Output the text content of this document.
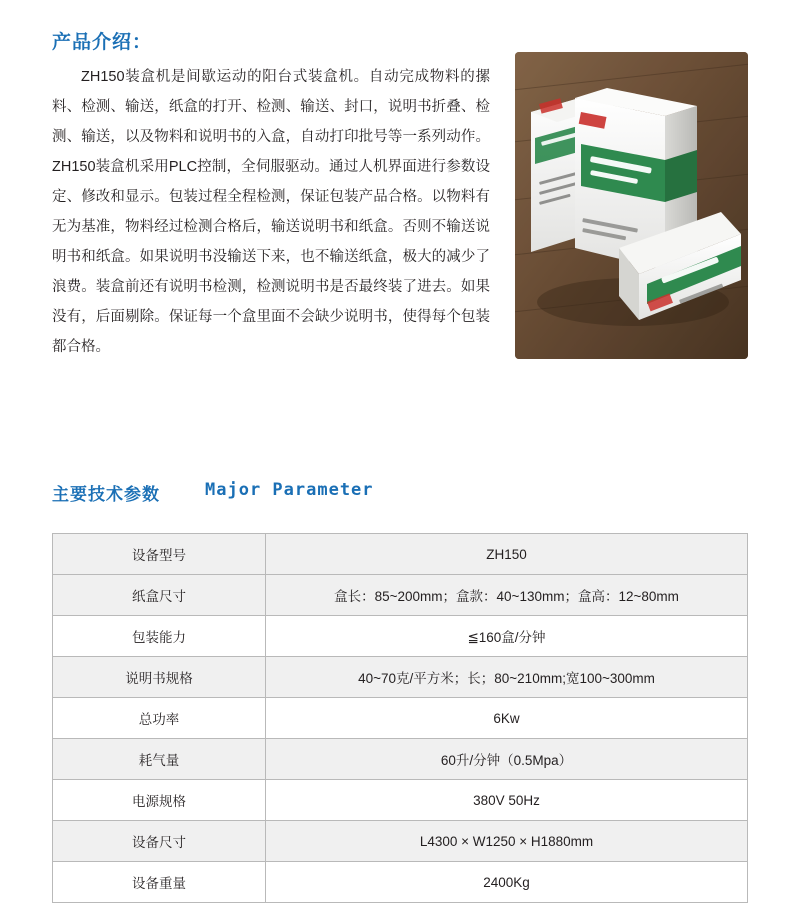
产品介绍：
ZH150装盒机是间歇运动的阳台式装盒机。自动完成物料的摞料、检测、输送，纸盒的打开、检测、输送、封口，说明书折叠、检测、输送，以及物料和说明书的入盒，自动打印批号等一系列动作。ZH150装盒机采用PLC控制，全伺服驱动。通过人机界面进行参数设定、修改和显示。包装过程全程检测，保证包装产品合格。以物料有无为基准，物料经过检测合格后，输送说明书和纸盒。否则不输送说明书和纸盒。如果说明书没输送下来，也不输送纸盒，极大的减少了浪费。装盒前还有说明书检测，检测说明书是否最终装了进去。如果没有，后面剔除。保证每一个盒里面不会缺少说明书，使得每个包装都合格。
主要技术参数	Major Parameter
设备型号	ZH150
纸盒尺寸	盒长：85~200mm；盒款：40~130mm；盒高：12~80mm
包装能力	≦160盒/分钟
说明书规格	40~70克/平方米；长；80~210mm;宽100~300mm
总功率	6Kw
耗气量	60升/分钟（0.5Mpa）
电源规格	380V 50Hz
设备尺寸	L4300 × W1250 × H1880mm
设备重量	2400Kg
